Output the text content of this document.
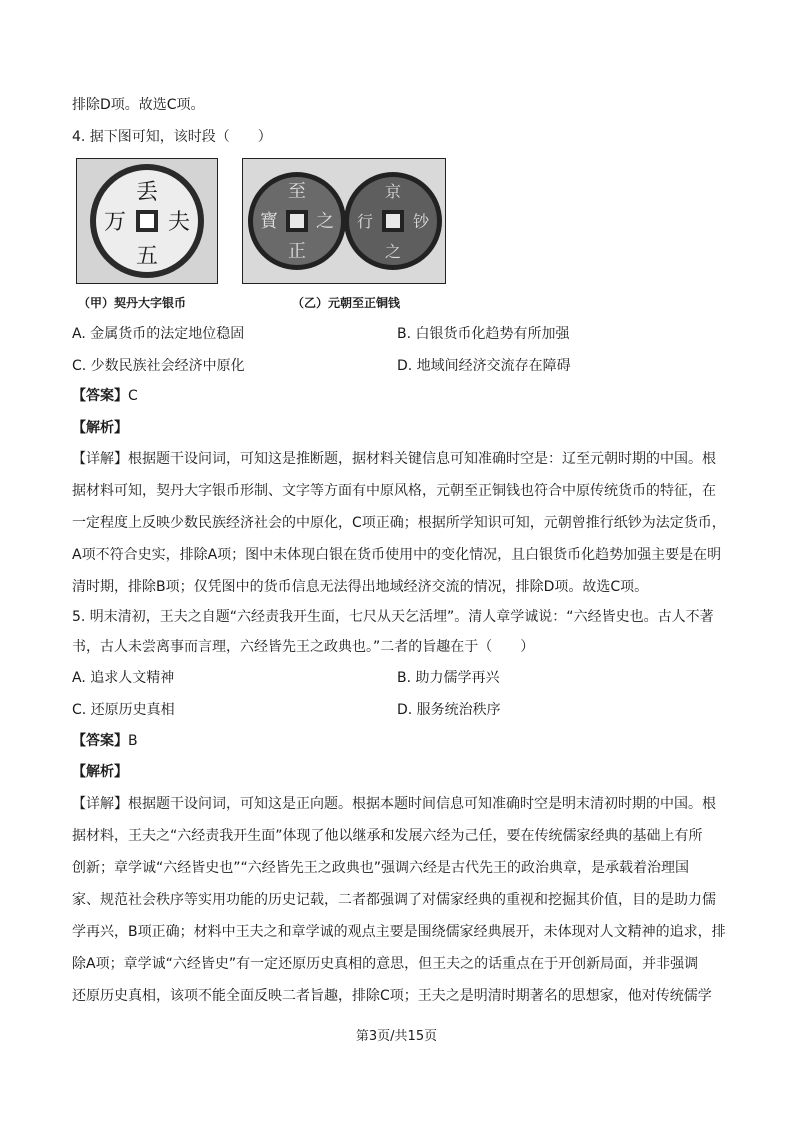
排除D项。故选C项。
4. 据下图可知，该时段（　　）
丢
夫
五
万
至
之
正
寳
京
钞
之
行
（甲）契丹大字银币	（乙）元朝至正铜钱
A. 金属货币的法定地位稳固	B. 白银货币化趋势有所加强
C. 少数民族社会经济中原化	D. 地域间经济交流存在障碍
【答案】C
【解析】
【详解】根据题干设问词，可知这是推断题，据材料关键信息可知准确时空是：辽至元朝时期的中国。根
据材料可知，契丹大字银币形制、文字等方面有中原风格，元朝至正铜钱也符合中原传统货币的特征，在
一定程度上反映少数民族经济社会的中原化，C项正确；根据所学知识可知，元朝曾推行纸钞为法定货币，
A项不符合史实，排除A项；图中未体现白银在货币使用中的变化情况，且白银货币化趋势加强主要是在明
清时期，排除B项；仅凭图中的货币信息无法得出地域经济交流的情况，排除D项。故选C项。
5. 明末清初，王夫之自题“六经责我开生面，七尺从天乞活埋”。清人章学诚说：“六经皆史也。古人不著
书，古人未尝离事而言理，六经皆先王之政典也。”二者的旨趣在于（　　）
A. 追求人文精神	B. 助力儒学再兴
C. 还原历史真相	D. 服务统治秩序
【答案】B
【解析】
【详解】根据题干设问词，可知这是正向题。根据本题时间信息可知准确时空是明末清初时期的中国。根
据材料，王夫之“六经责我开生面”体现了他以继承和发展六经为己任，要在传统儒家经典的基础上有所
创新；章学诚“六经皆史也”“六经皆先王之政典也”强调六经是古代先王的政治典章，是承载着治理国
家、规范社会秩序等实用功能的历史记载，二者都强调了对儒家经典的重视和挖掘其价值，目的是助力儒
学再兴，B项正确；材料中王夫之和章学诚的观点主要是围绕儒家经典展开，未体现对人文精神的追求，排
除A项；章学诚“六经皆史”有一定还原历史真相的意思，但王夫之的话重点在于开创新局面，并非强调
还原历史真相，该项不能全面反映二者旨趣，排除C项；王夫之是明清时期著名的思想家，他对传统儒学
第3页/共15页
